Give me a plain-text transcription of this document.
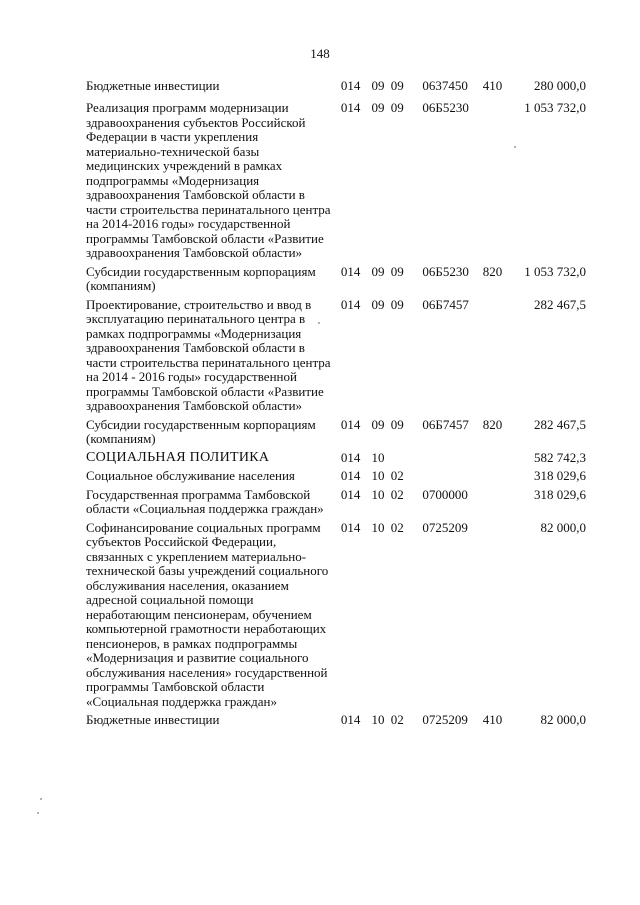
148
Бюджетные инвестиции	014	09	09	0637450	410	280 000,0
Реализация программ модернизации здравоохранения субъектов Российской Федерации в части укрепления материально-технической базы медицинских учреждений в рамках подпрограммы «Модернизация здравоохранения Тамбовской области в части строительства перинатального центра на 2014-2016 годы» государственной программы Тамбовской области «Развитие здравоохранения Тамбовской области»	014	09	09	06Б5230		1 053 732,0
Субсидии государственным корпорациям (компаниям)	014	09	09	06Б5230	820	1 053 732,0
Проектирование, строительство и ввод в эксплуатацию перинатального центра в рамках подпрограммы «Модернизация здравоохранения Тамбовской области в части строительства перинатального центра на 2014 - 2016 годы» государственной программы Тамбовской области «Развитие здравоохранения Тамбовской области»	014	09	09	06Б7457		282 467,5
Субсидии государственным корпорациям (компаниям)	014	09	09	06Б7457	820	282 467,5
СОЦИАЛЬНАЯ ПОЛИТИКА	014	10				582 742,3
Социальное обслуживание населения	014	10	02			318 029,6
Государственная программа Тамбовской области «Социальная поддержка граждан»	014	10	02	0700000		318 029,6
Софинансирование социальных программ субъектов Российской Федерации, связанных с укреплением материально-технической базы учреждений социального обслуживания населения, оказанием адресной социальной помощи неработающим пенсионерам, обучением компьютерной грамотности неработающих пенсионеров, в рамках подпрограммы «Модернизация и развитие социального обслуживания населения» государственной программы Тамбовской области «Социальная поддержка граждан»	014	10	02	0725209		82 000,0
Бюджетные инвестиции	014	10	02	0725209	410	82 000,0
